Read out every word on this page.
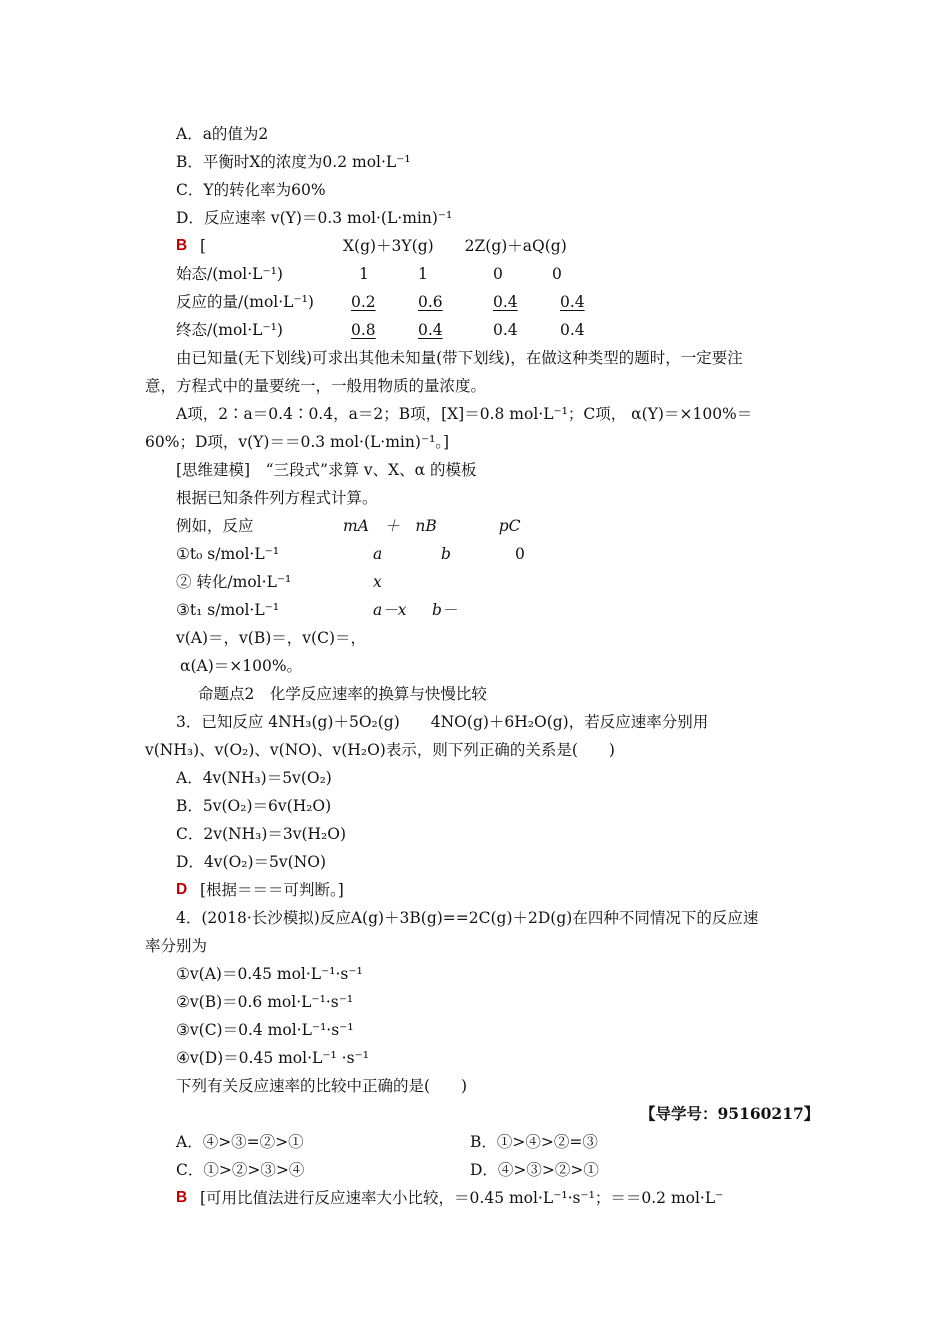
A．a的值为2
B．平衡时X的浓度为0.2 mol·L⁻¹
C．Y的转化率为60%
D．反应速率 v(Y)＝0.3 mol·(L·min)⁻¹
B [	X(g)＋3Y(g)　　2Z(g)＋aQ(g)
始态/(mol·L⁻¹)	1	1	0	0
反应的量/(mol·L⁻¹) 0.2	0.6	0.4	0.4
终态/(mol·L⁻¹)	0.8	0.4	0.4	0.4
由已知量(无下划线)可求出其他未知量(带下划线)，在做这种类型的题时，一定要注
意，方程式中的量要统一，一般用物质的量浓度。
A项，2∶a＝0.4∶0.4，a＝2；B项，[X]＝0.8 mol·L⁻¹；C项， α(Y)＝×100%＝
60%；D项，v(Y)＝＝0.3 mol·(L·min)⁻¹。]
[思维建模]　“三段式”求算 v、X、α 的模板
根据已知条件列方程式计算。
例如，反应	mA　＋　nB　　　　pC
①t₀ s/mol·L⁻¹	a	b	0
② 转化/mol·L⁻¹	x
③t₁ s/mol·L⁻¹	a－x b－
v(A)＝，v(B)＝，v(C)＝，
α(A)＝×100%。
命题点2　化学反应速率的换算与快慢比较
3．已知反应 4NH₃(g)＋5O₂(g)　　4NO(g)＋6H₂O(g)，若反应速率分别用
v(NH₃)、v(O₂)、v(NO)、v(H₂O)表示，则下列正确的关系是(　　)
A．4v(NH₃)＝5v(O₂)
B．5v(O₂)＝6v(H₂O)
C．2v(NH₃)＝3v(H₂O)
D．4v(O₂)＝5v(NO)
D [根据＝＝＝可判断。]
4．(2018·长沙模拟)反应A(g)＋3B(g)==2C(g)＋2D(g)在四种不同情况下的反应速
率分别为
①v(A)＝0.45 mol·L⁻¹·s⁻¹
②v(B)＝0.6 mol·L⁻¹·s⁻¹
③v(C)＝0.4 mol·L⁻¹·s⁻¹
④v(D)＝0.45 mol·L⁻¹ ·s⁻¹
下列有关反应速率的比较中正确的是(　　)
【导学号：95160217】
A．④>③=②>①	B．①>④>②=③
C．①>②>③>④	D．④>③>②>①
B [可用比值法进行反应速率大小比较，＝0.45 mol·L⁻¹·s⁻¹；＝＝0.2 mol·L⁻
